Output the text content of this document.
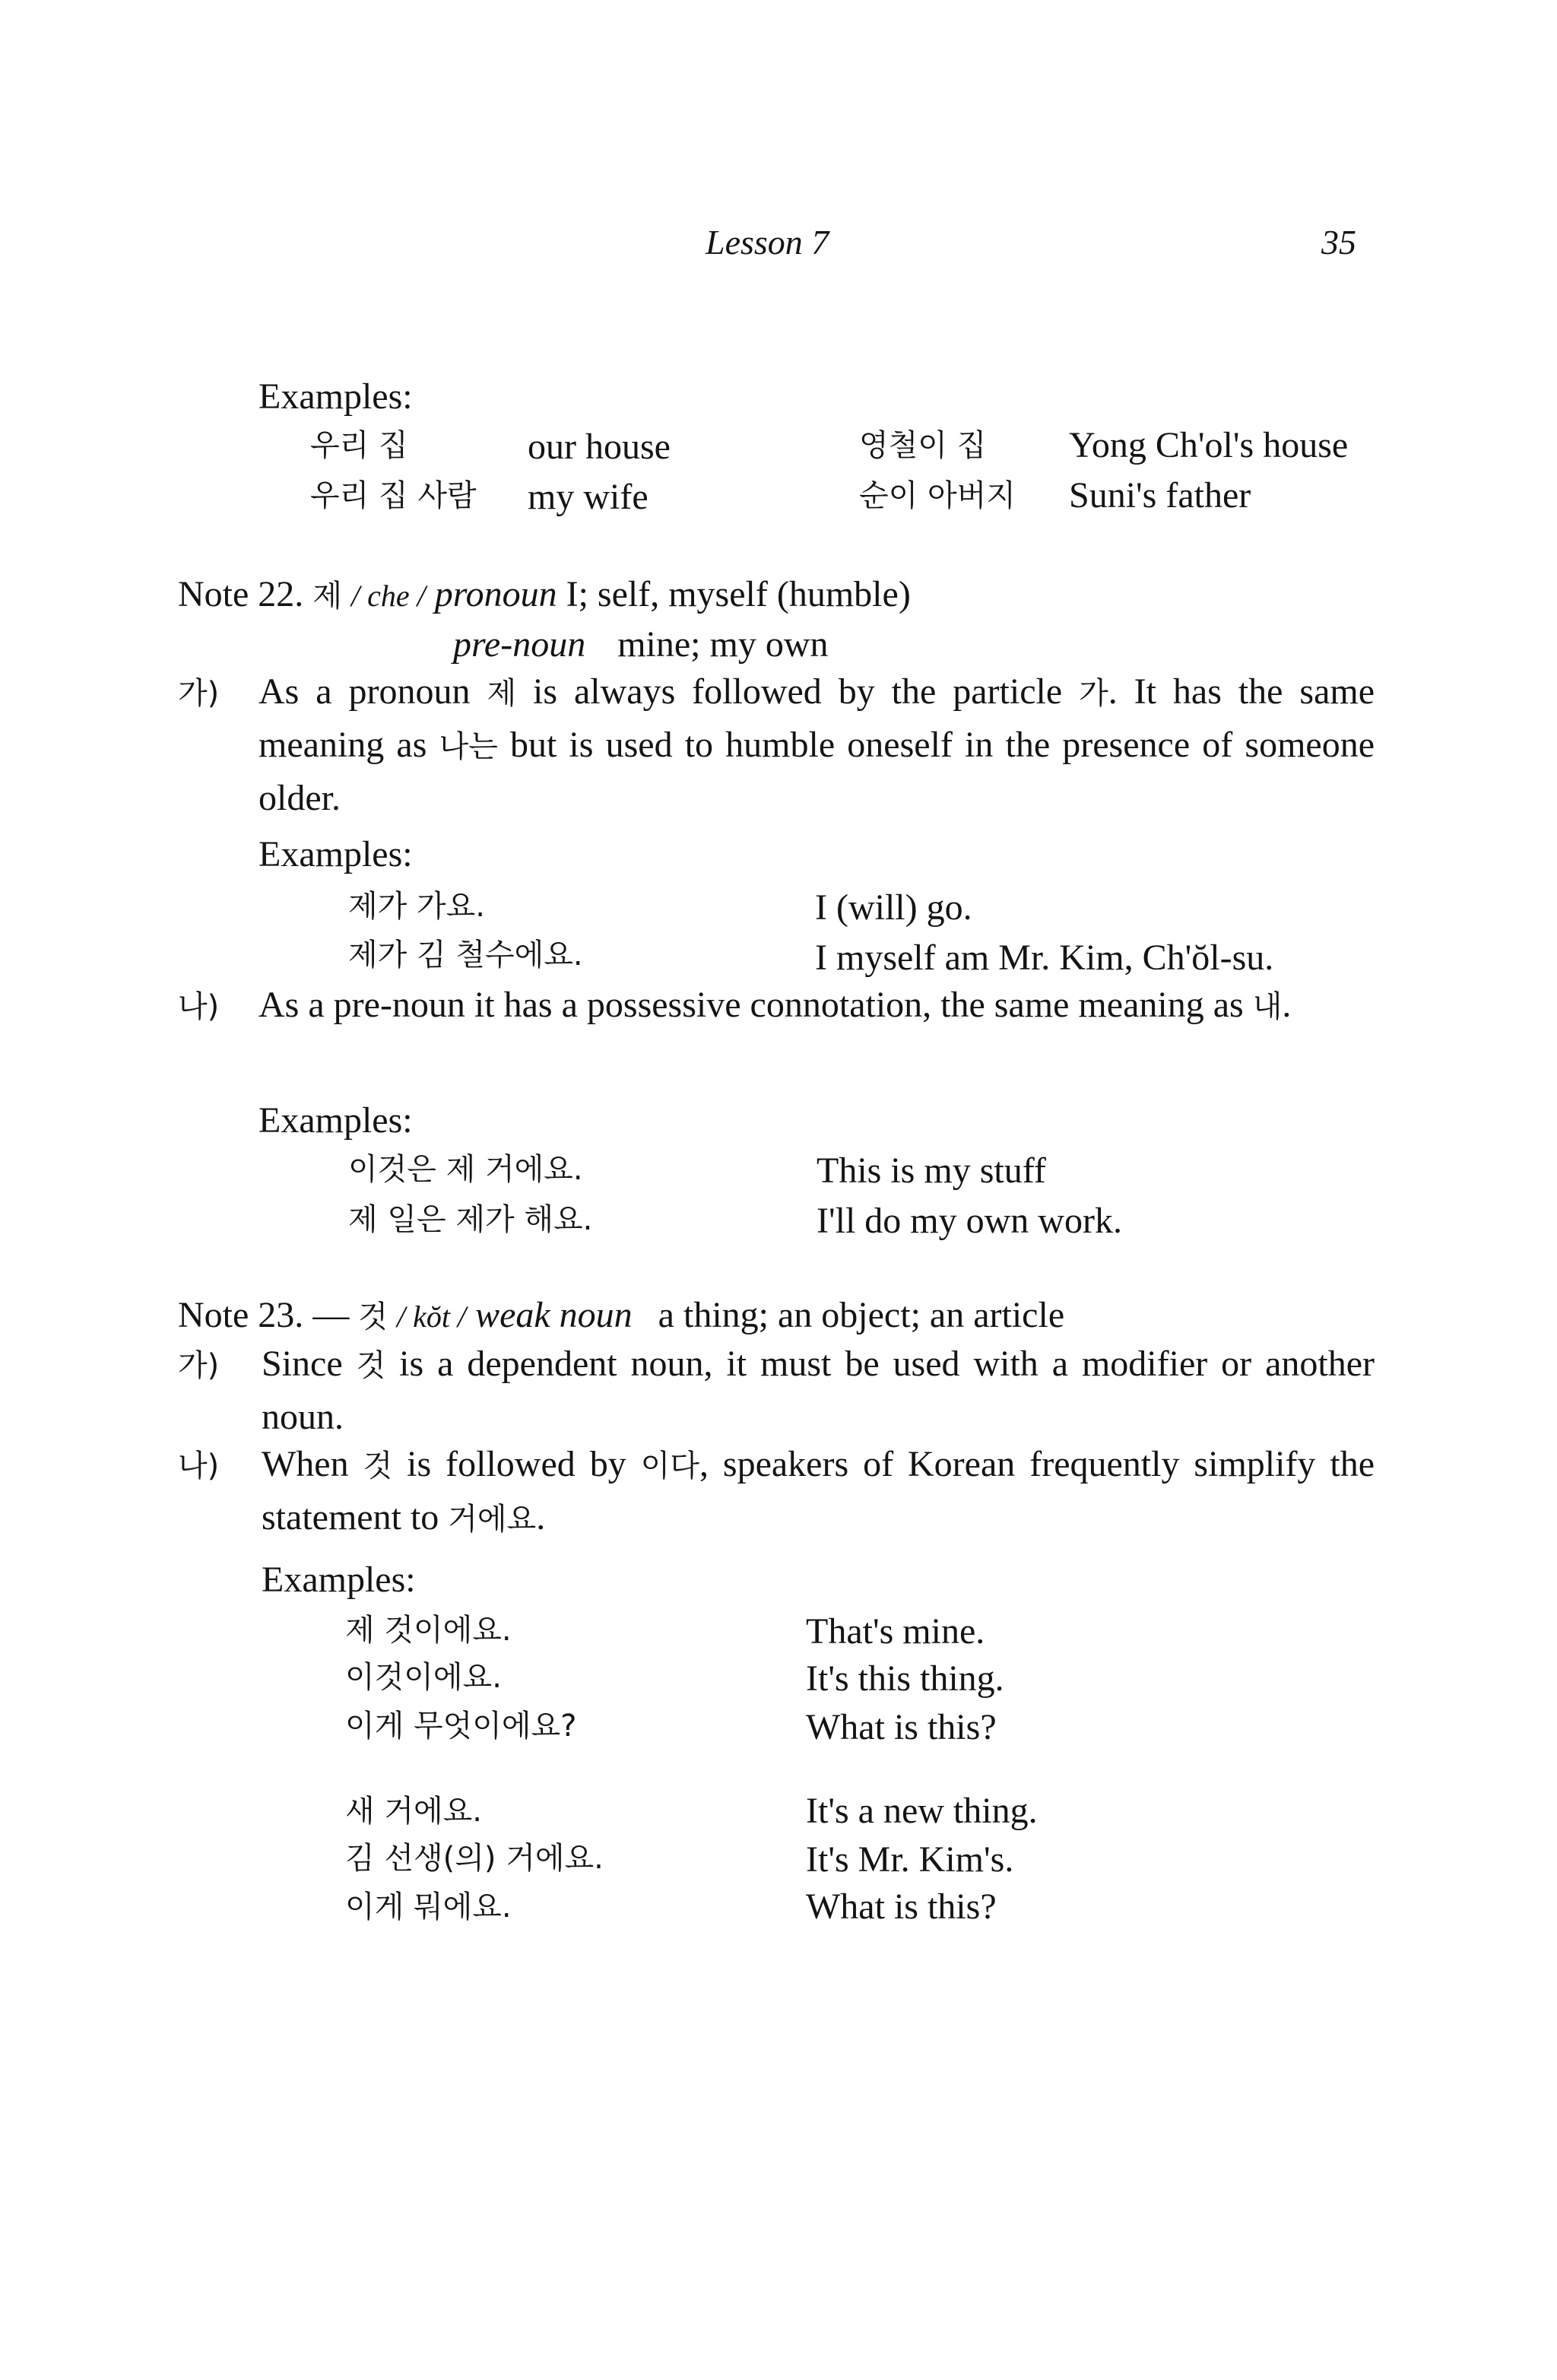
Lesson 7	35
Examples:
우리 집	our house	영철이 집 Yong Ch'ol's house
우리 집 사람 my wife	순이 아버지 Suni's father
Note 22. 제 / che / pronoun I; self, myself (humble)
pre-noun mine; my own
가) As a pronoun 제 is always followed by the particle 가. It has the same meaning as 나는 but is used to humble oneself in the presence of someone older.
Examples:
제가 가요.	I (will) go.
제가 김 철수에요.	I myself am Mr. Kim, Ch'ŏl-su.
나) As a pre-noun it has a possessive connotation, the same meaning as 내.
Examples:
이것은 제 거에요.	This is my stuff
제 일은 제가 해요.	I'll do my own work.
Note 23. — 것 / kŏt / weak noun a thing; an object; an article
가) Since 것 is a dependent noun, it must be used with a modifier or another noun.
나) When 것 is followed by 이다, speakers of Korean frequently simplify the statement to 거에요.
Examples:
제 것이에요.	That's mine.
이것이에요.	It's this thing.
이게 무엇이에요?	What is this?
새 거에요.	It's a new thing.
김 선생(의) 거에요.	It's Mr. Kim's.
이게 뭐에요.	What is this?
